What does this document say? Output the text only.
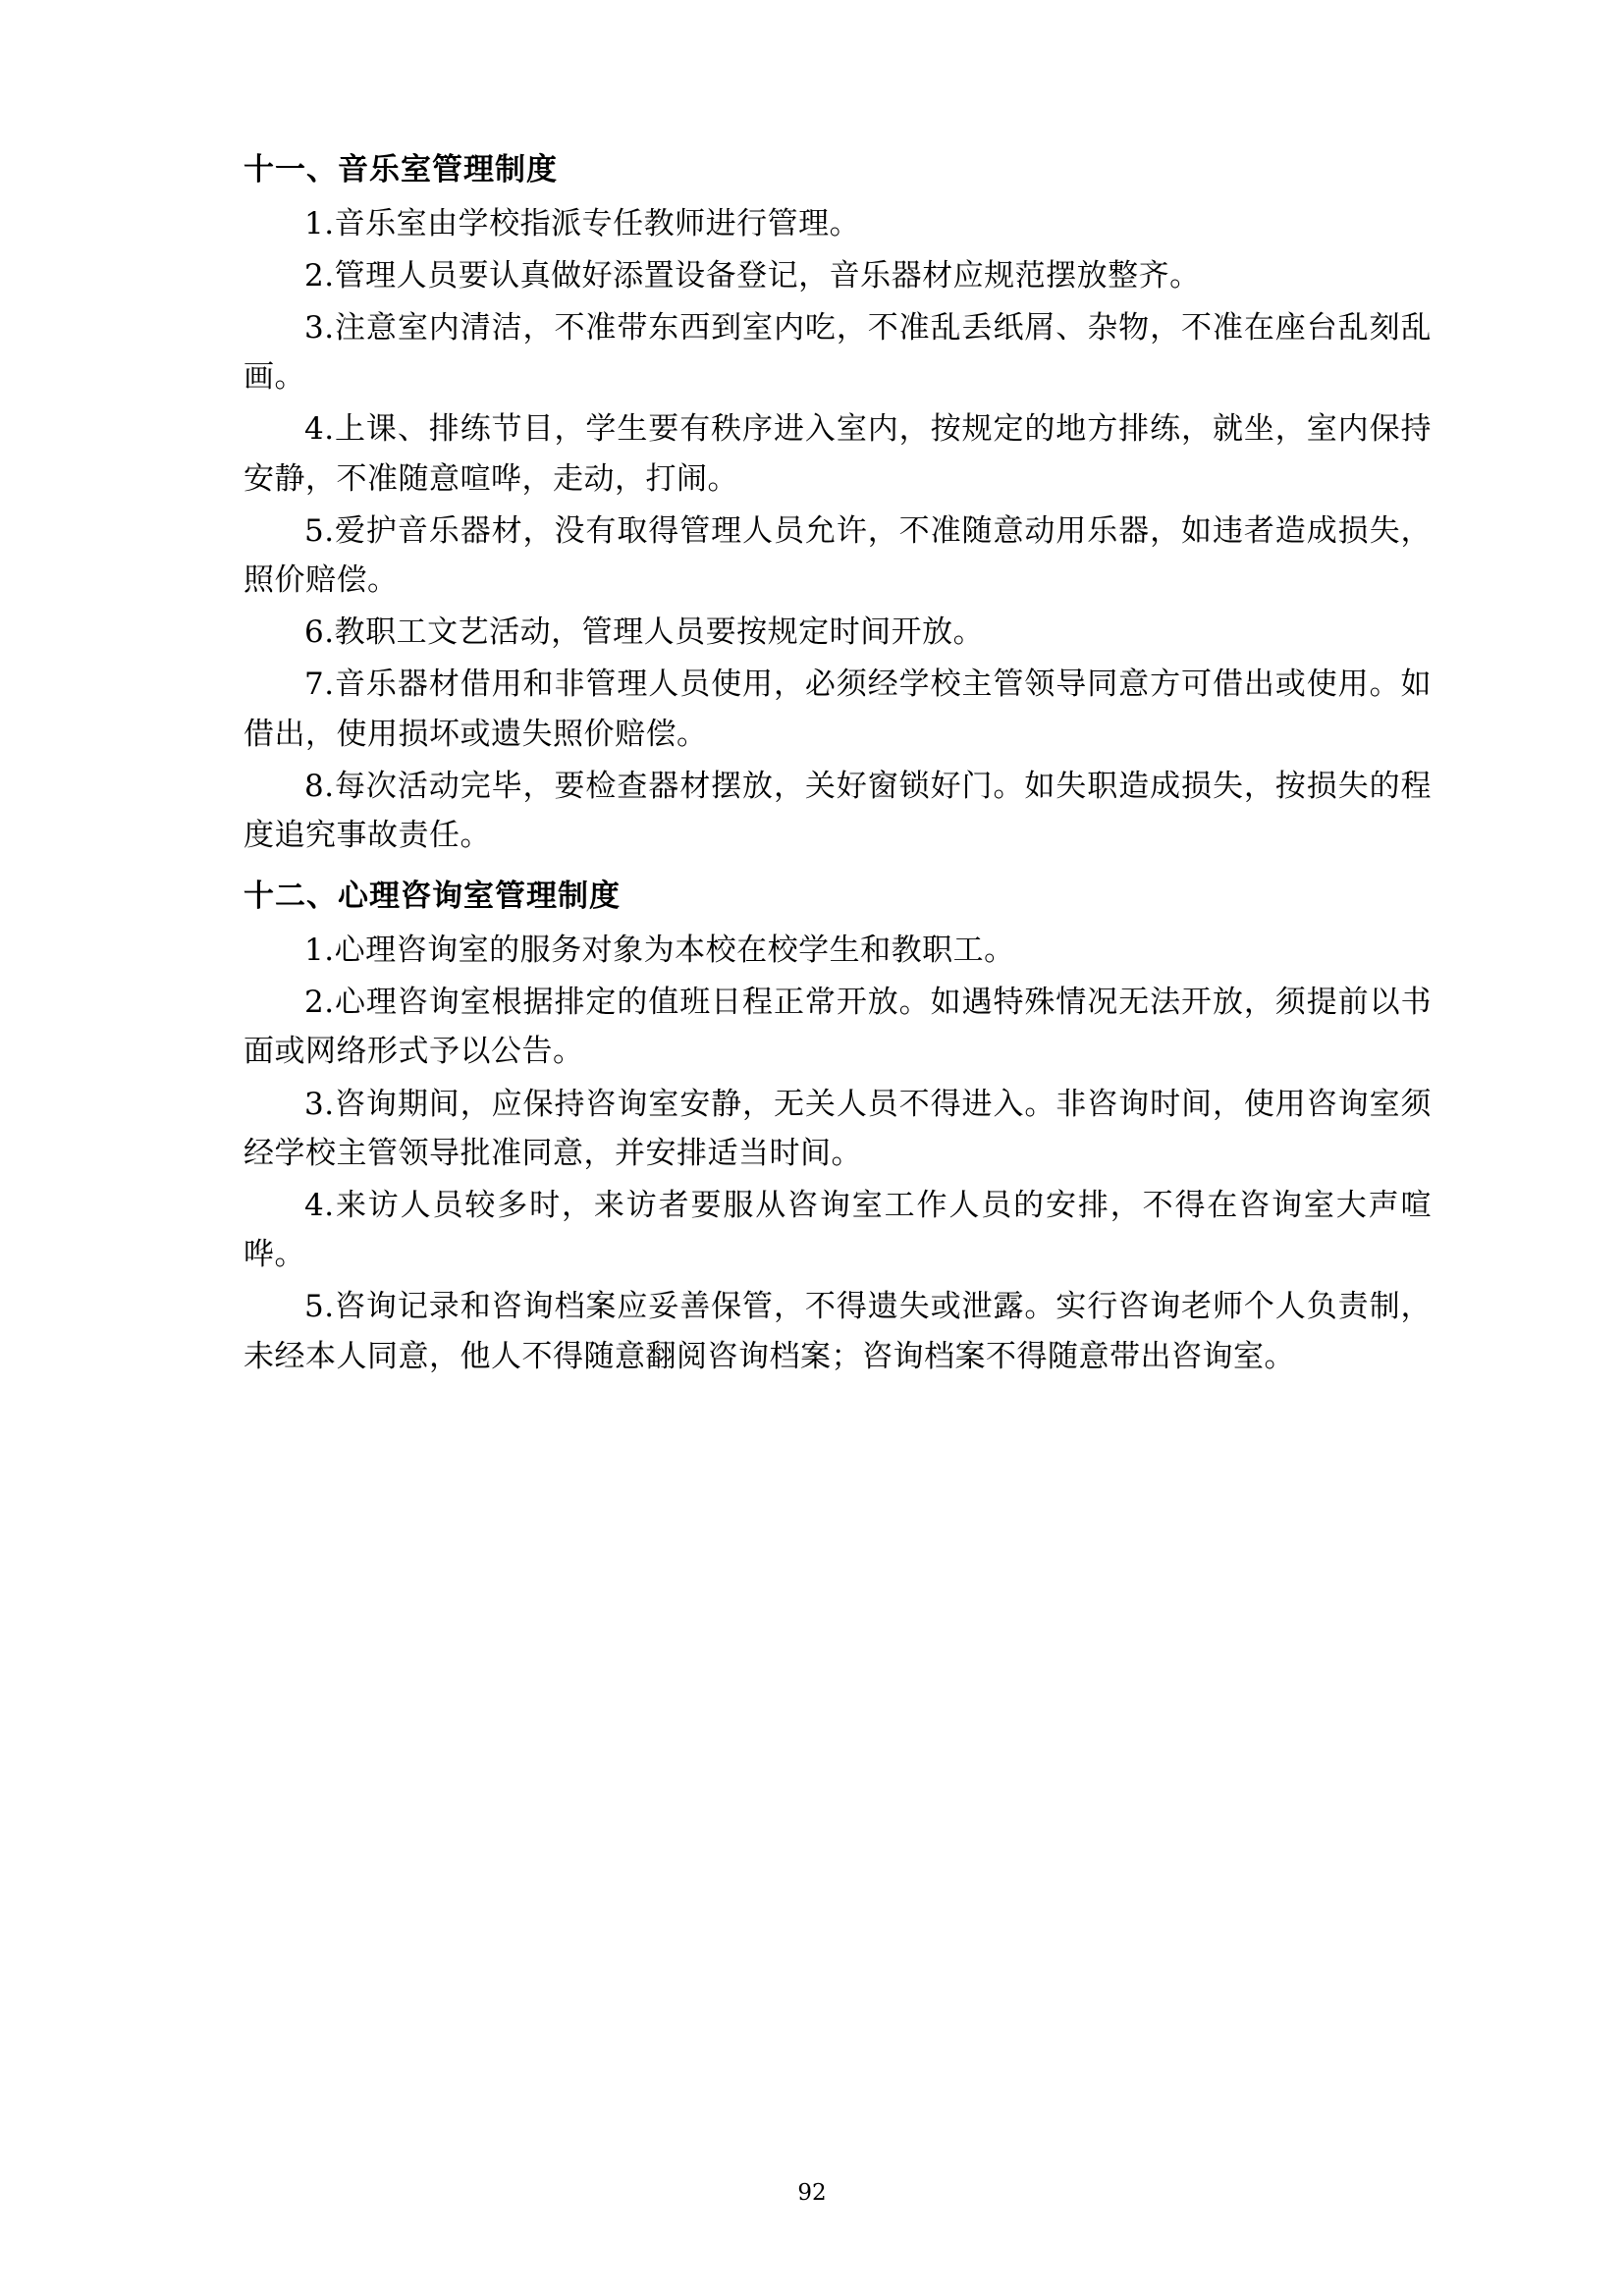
十一、音乐室管理制度

1.音乐室由学校指派专任教师进行管理。

2.管理人员要认真做好添置设备登记，音乐器材应规范摆放整齐。

3.注意室内清洁，不准带东西到室内吃，不准乱丢纸屑、杂物，不准在座台乱刻乱画。

4.上课、排练节目，学生要有秩序进入室内，按规定的地方排练，就坐，室内保持安静，不准随意喧哗，走动，打闹。

5.爱护音乐器材，没有取得管理人员允许，不准随意动用乐器，如违者造成损失，照价赔偿。

6.教职工文艺活动，管理人员要按规定时间开放。

7.音乐器材借用和非管理人员使用，必须经学校主管领导同意方可借出或使用。如借出，使用损坏或遗失照价赔偿。

8.每次活动完毕，要检查器材摆放，关好窗锁好门。如失职造成损失，按损失的程度追究事故责任。

十二、心理咨询室管理制度

1.心理咨询室的服务对象为本校在校学生和教职工。

2.心理咨询室根据排定的值班日程正常开放。如遇特殊情况无法开放，须提前以书面或网络形式予以公告。

3.咨询期间，应保持咨询室安静，无关人员不得进入。非咨询时间，使用咨询室须经学校主管领导批准同意，并安排适当时间。

4.来访人员较多时，来访者要服从咨询室工作人员的安排，不得在咨询室大声喧哗。

5.咨询记录和咨询档案应妥善保管，不得遗失或泄露。实行咨询老师个人负责制，未经本人同意，他人不得随意翻阅咨询档案；咨询档案不得随意带出咨询室。

92
